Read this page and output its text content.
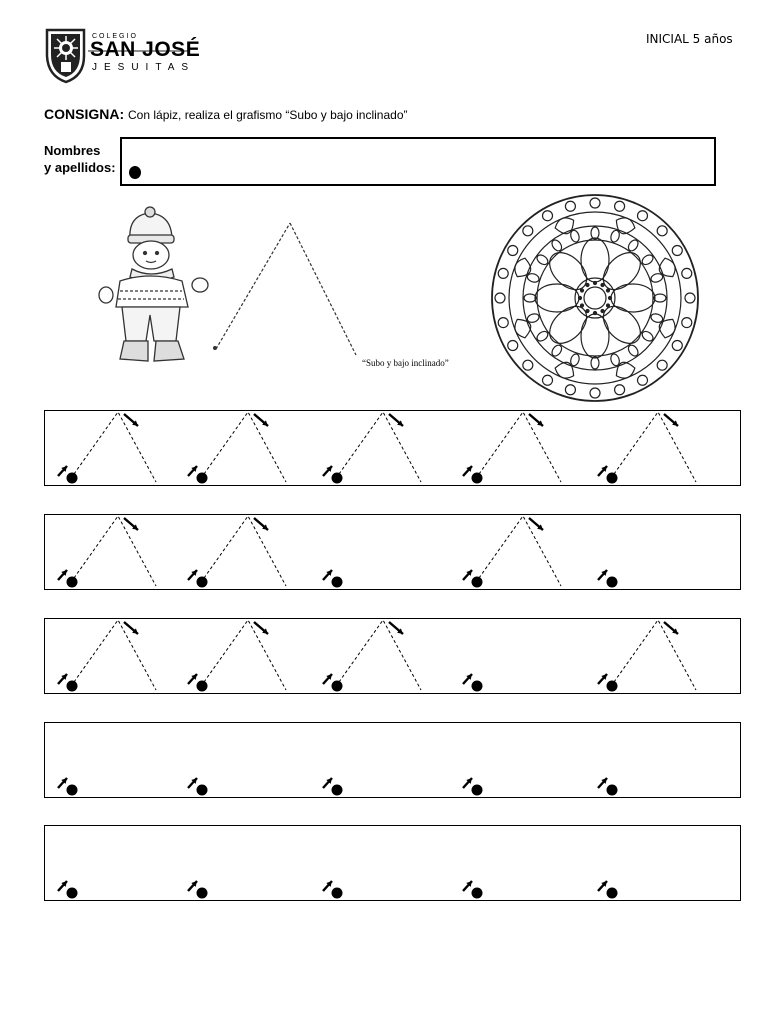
COLEGIO
SAN JOSÉ
JESUITAS
INICIAL 5 años
CONSIGNA: Con lápiz, realiza el grafismo “Subo y bajo inclinado”
Nombres
y apellidos:
“Subo y bajo inclinado”
